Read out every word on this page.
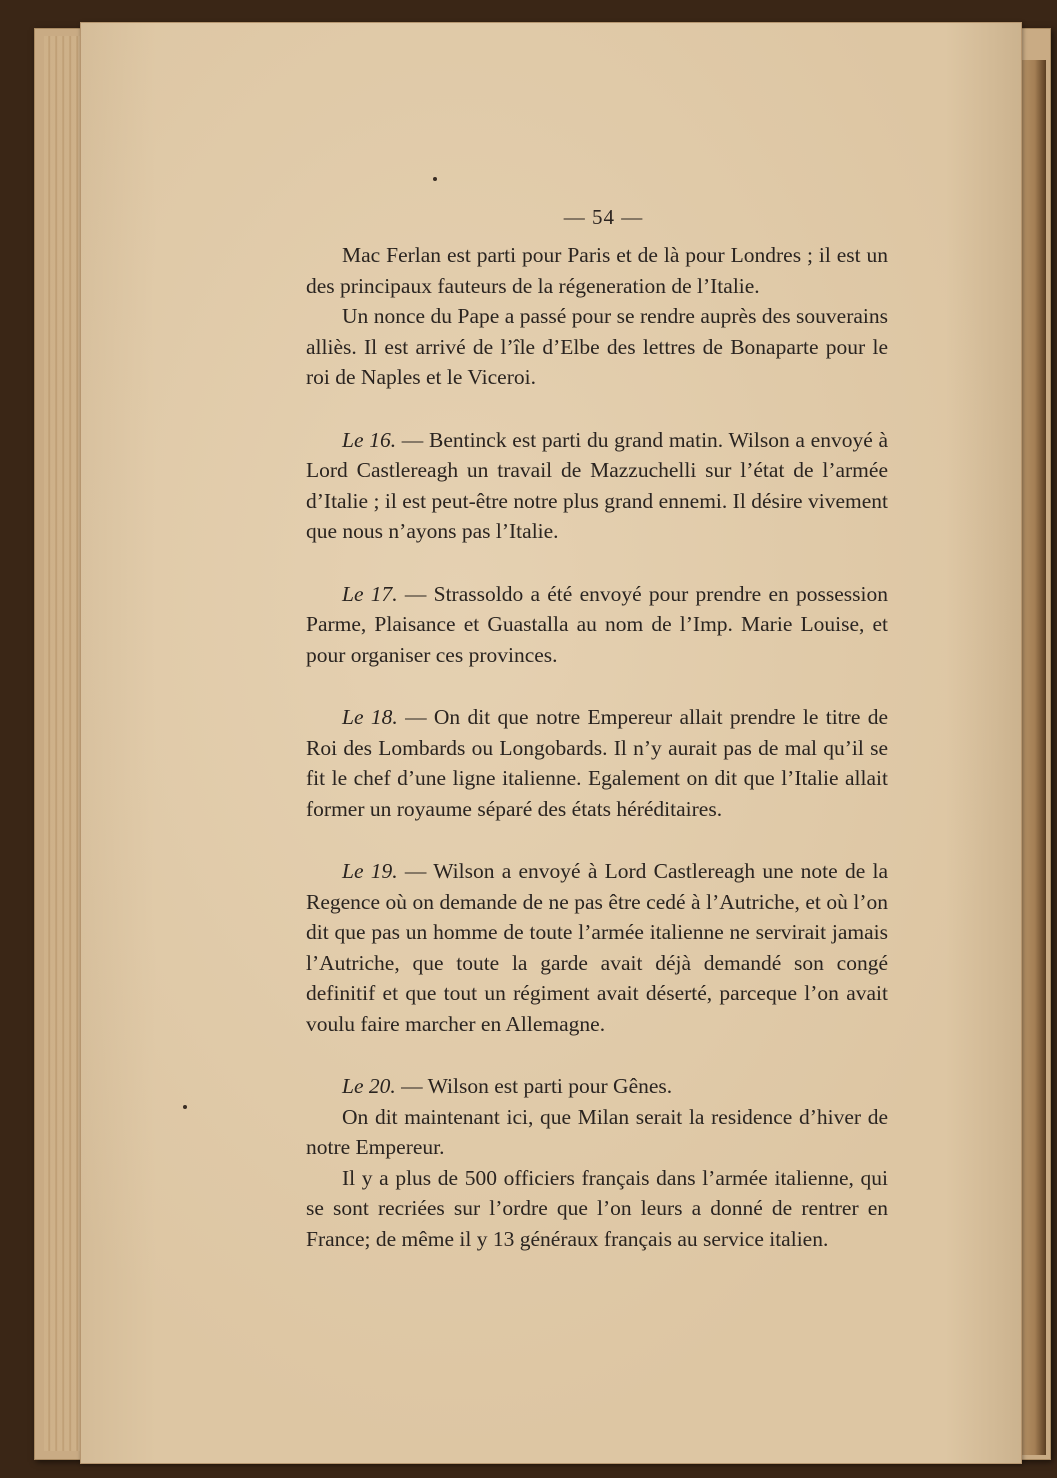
— 54 —

Mac Ferlan est parti pour Paris et de là pour Londres ; il est un des principaux fauteurs de la régeneration de l’Italie.

Un nonce du Pape a passé pour se rendre auprès des souverains alliès. Il est arrivé de l’île d’Elbe des lettres de Bonaparte pour le roi de Naples et le Viceroi.

Le 16. — Bentinck est parti du grand matin. Wilson a envoyé à Lord Castlereagh un travail de Mazzuchelli sur l’état de l’armée d’Italie ; il est peut-être notre plus grand ennemi. Il désire vivement que nous n’ayons pas l’Italie.

Le 17. — Strassoldo a été envoyé pour prendre en possession Parme, Plaisance et Guastalla au nom de l’Imp. Marie Louise, et pour organiser ces provinces.

Le 18. — On dit que notre Empereur allait prendre le titre de Roi des Lombards ou Longobards. Il n’y aurait pas de mal qu’il se fit le chef d’une ligne italienne. Egalement on dit que l’Italie allait former un royaume séparé des états héréditaires.

Le 19. — Wilson a envoyé à Lord Castlereagh une note de la Regence où on demande de ne pas être cedé à l’Autriche, et où l’on dit que pas un homme de toute l’armée italienne ne servirait jamais l’Autriche, que toute la garde avait déjà demandé son congé definitif et que tout un régiment avait déserté, parceque l’on avait voulu faire marcher en Allemagne.

Le 20. — Wilson est parti pour Gênes.

On dit maintenant ici, que Milan serait la residence d’hiver de notre Empereur.

Il y a plus de 500 officiers français dans l’armée italienne, qui se sont recriées sur l’ordre que l’on leurs a donné de rentrer en France; de même il y 13 généraux français au service italien.
